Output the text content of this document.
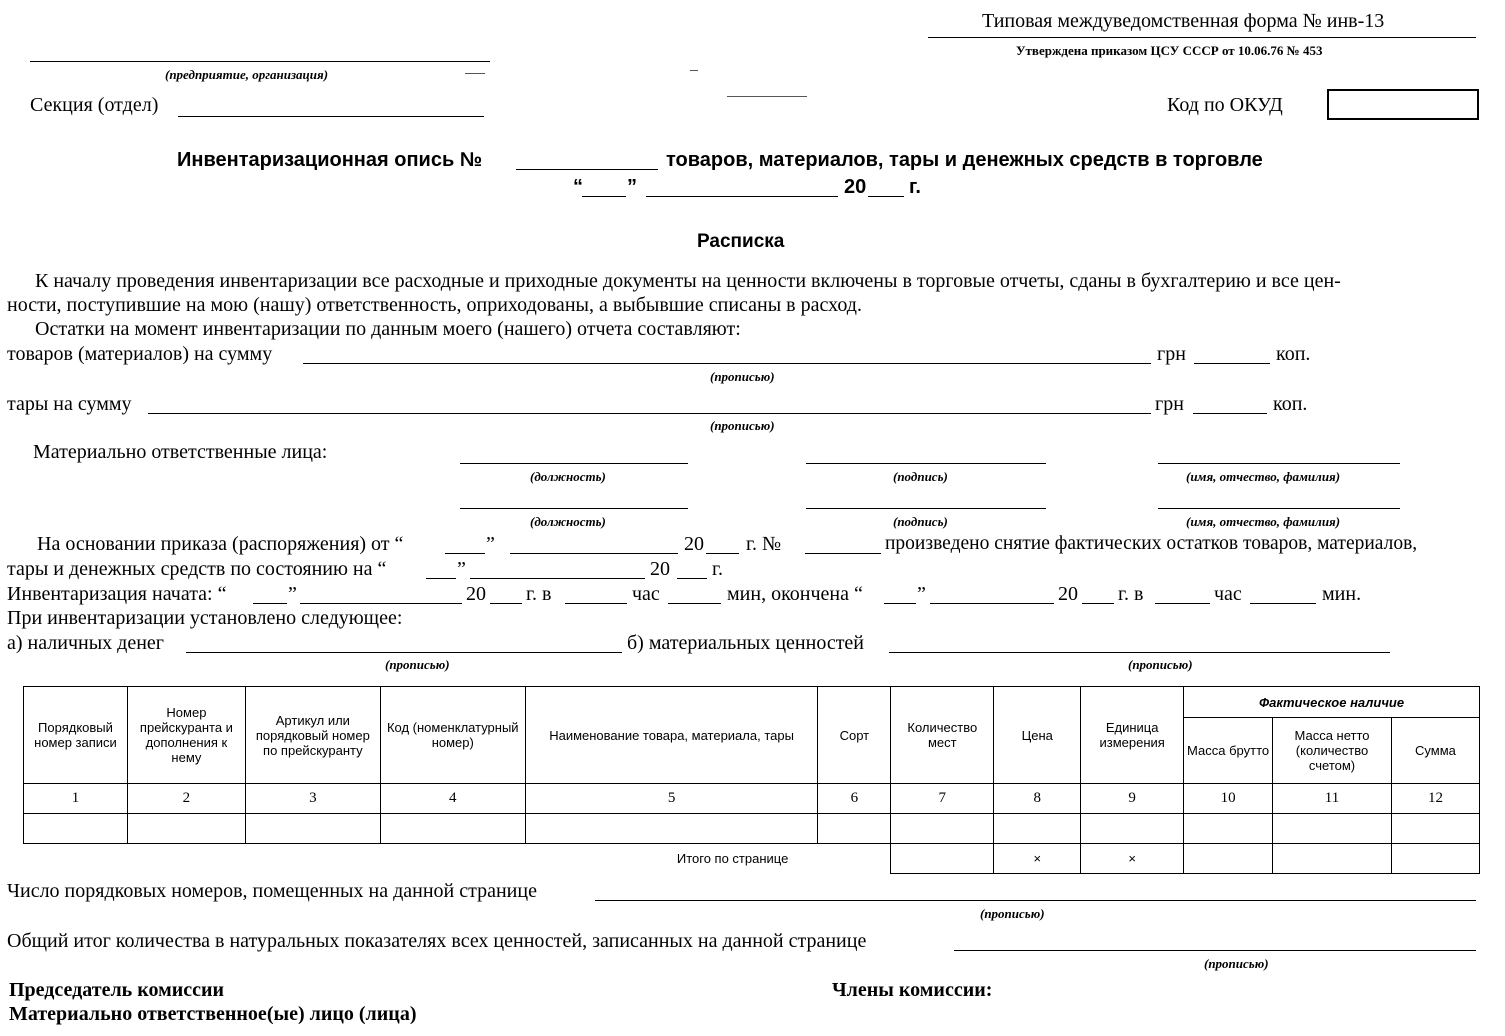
Типовая междуведомственная форма № инв-13
Утверждена приказом ЦСУ СССР от 10.06.76 № 453
(предприятие, организация)
Секция (отдел)	Код по ОКУД
Инвентаризационная опись №	товаров, материалов, тары и денежных средств в торговле
“ ”	20 г.
Расписка
К началу проведения инвентаризации все расходные и приходные документы на ценности включены в торговые отчеты, сданы в бухгалтерию и все цен-
ности, поступившие на мою (нашу) ответственность, оприходованы, а выбывшие списаны в расход.
Остатки на момент инвентаризации по данным моего (нашего) отчета составляют:
товаров (материалов) на сумму	грн	коп.
(прописью)
тары на сумму	грн	коп.
(прописью)
Материально ответственные лица:
(должность)	(подпись)	(имя, отчество, фамилия)
(должность)	(подпись)	(имя, отчество, фамилия)
На основании приказа (распоряжения) от “	”	20 г. №	произведено снятие фактических остатков товаров, материалов,
тары и денежных средств по состоянию на “	”	20 г.
Инвентаризация начата: “	”	20 г. в	час	мин, окончена “	”	20 г. в	час	мин.
При инвентаризации установлено следующее:
а) наличных денег
(прописью)
б) материальных ценностей
(прописью)
Порядковый номер записи	Номер прейскуранта и дополнения к нему	Артикул или порядковый номер по прейскуранту	Код (номенклатурный номер)	Наименование товара, материала, тары	Сорт	Количество мест	Цена	Единица измерения	Фактическое наличие		
									Масса брутто	Масса нетто (количество счетом)	Сумма
1	2	3	4	5	6	7	8	9	10	11	12

Итого по странице							×	×			
Число порядковых номеров, помещенных на данной странице
(прописью)
Общий итог количества в натуральных показателях всех ценностей, записанных на данной странице
(прописью)
Председатель комиссии	Члены комиссии:
Материально ответственное(ые) лицо (лица)
